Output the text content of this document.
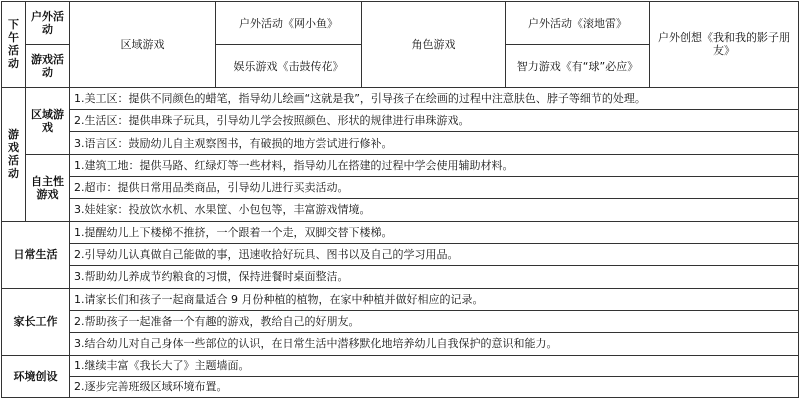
下午活动	户外活动	区域游戏	户外活动《网小鱼》	角色游戏	户外活动《滚地雷》	户外创想《我和我的影子朋友》
	游戏活动		娱乐游戏《击鼓传花》		智力游戏《有“球”必应》	
游戏活动	区域游戏	1.美工区：提供不同颜色的蜡笔，指导幼儿绘画“这就是我”，引导孩子在绘画的过程中注意肤色、脖子等细节的处理。				
		2.生活区：提供串珠子玩具，引导幼儿学会按照颜色、形状的规律进行串珠游戏。				
		3.语言区：鼓励幼儿自主观察图书，有破损的地方尝试进行修补。				
	自主性游戏	1.建筑工地：提供马路、红绿灯等一些材料，指导幼儿在搭建的过程中学会使用辅助材料。				
		2.超市：提供日常用品类商品，引导幼儿进行买卖活动。				
		3.娃娃家：投放饮水机、水果筐、小包包等，丰富游戏情境。				
日常生活		1.提醒幼儿上下楼梯不推挤，一个跟着一个走，双脚交替下楼梯。				
		2.引导幼儿认真做自己能做的事，迅速收拾好玩具、图书以及自己的学习用品。				
		3.帮助幼儿养成节约粮食的习惯，保持进餐时桌面整洁。				
家长工作		1.请家长们和孩子一起商量适合 9 月份种植的植物，在家中种植并做好相应的记录。				
		2.帮助孩子一起准备一个有趣的游戏，教给自己的好朋友。				
		3.结合幼儿对自己身体一些部位的认识，在日常生活中潜移默化地培养幼儿自我保护的意识和能力。				
环境创设		1.继续丰富《我长大了》主题墙面。				
		2.逐步完善班级区域环境布置。				
